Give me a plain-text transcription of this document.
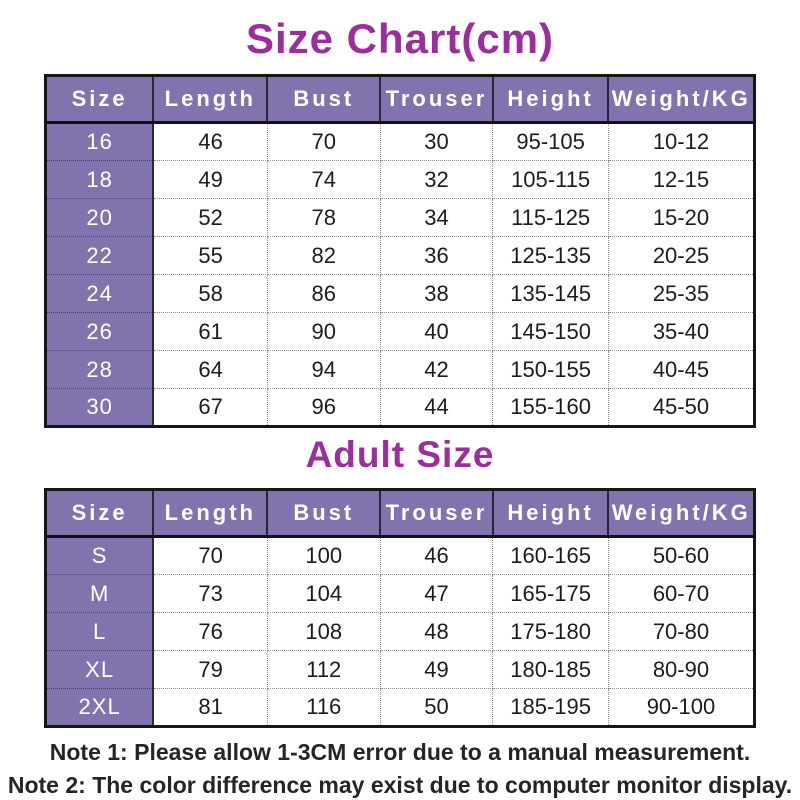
Size Chart(cm)
Size	Length	Bust	Trouser	Height	Weight/KG
16	46	70	30	95-105	10-12
18	49	74	32	105-115	12-15
20	52	78	34	115-125	15-20
22	55	82	36	125-135	20-25
24	58	86	38	135-145	25-35
26	61	90	40	145-150	35-40
28	64	94	42	150-155	40-45
30	67	96	44	155-160	45-50
Adult Size
Size	Length	Bust	Trouser	Height	Weight/KG
S	70	100	46	160-165	50-60
M	73	104	47	165-175	60-70
L	76	108	48	175-180	70-80
XL	79	112	49	180-185	80-90
2XL	81	116	50	185-195	90-100
Note 1: Please allow 1-3CM error due to a manual measurement.
Note 2: The color difference may exist due to computer monitor display.
